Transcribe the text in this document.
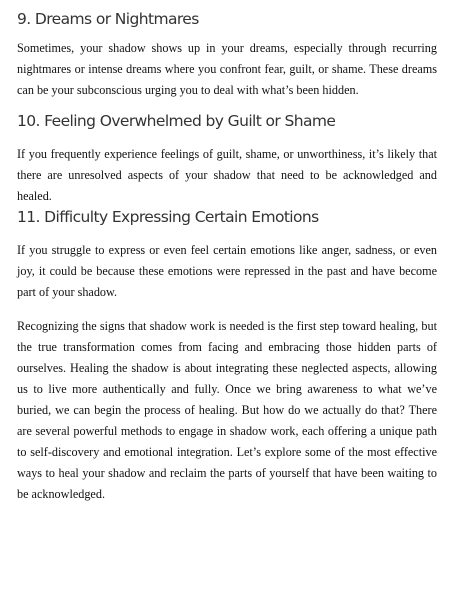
9. Dreams or Nightmares

Sometimes, your shadow shows up in your dreams, especially through recurring nightmares or intense dreams where you confront fear, guilt, or shame. These dreams can be your subconscious urging you to deal with what’s been hidden.

10. Feeling Overwhelmed by Guilt or Shame

If you frequently experience feelings of guilt, shame, or unworthiness, it’s likely that there are unresolved aspects of your shadow that need to be acknowledged and healed.

11. Difficulty Expressing Certain Emotions

If you struggle to express or even feel certain emotions like anger, sadness, or even joy, it could be because these emotions were repressed in the past and have become part of your shadow.

Recognizing the signs that shadow work is needed is the first step toward healing, but the true transformation comes from facing and embracing those hidden parts of ourselves. Healing the shadow is about integrating these neglected aspects, allowing us to live more authentically and fully. Once we bring awareness to what we’ve buried, we can begin the process of healing. But how do we actually do that? There are several powerful methods to engage in shadow work, each offering a unique path to self-discovery and emotional integration. Let’s explore some of the most effective ways to heal your shadow and reclaim the parts of yourself that have been waiting to be acknowledged.
